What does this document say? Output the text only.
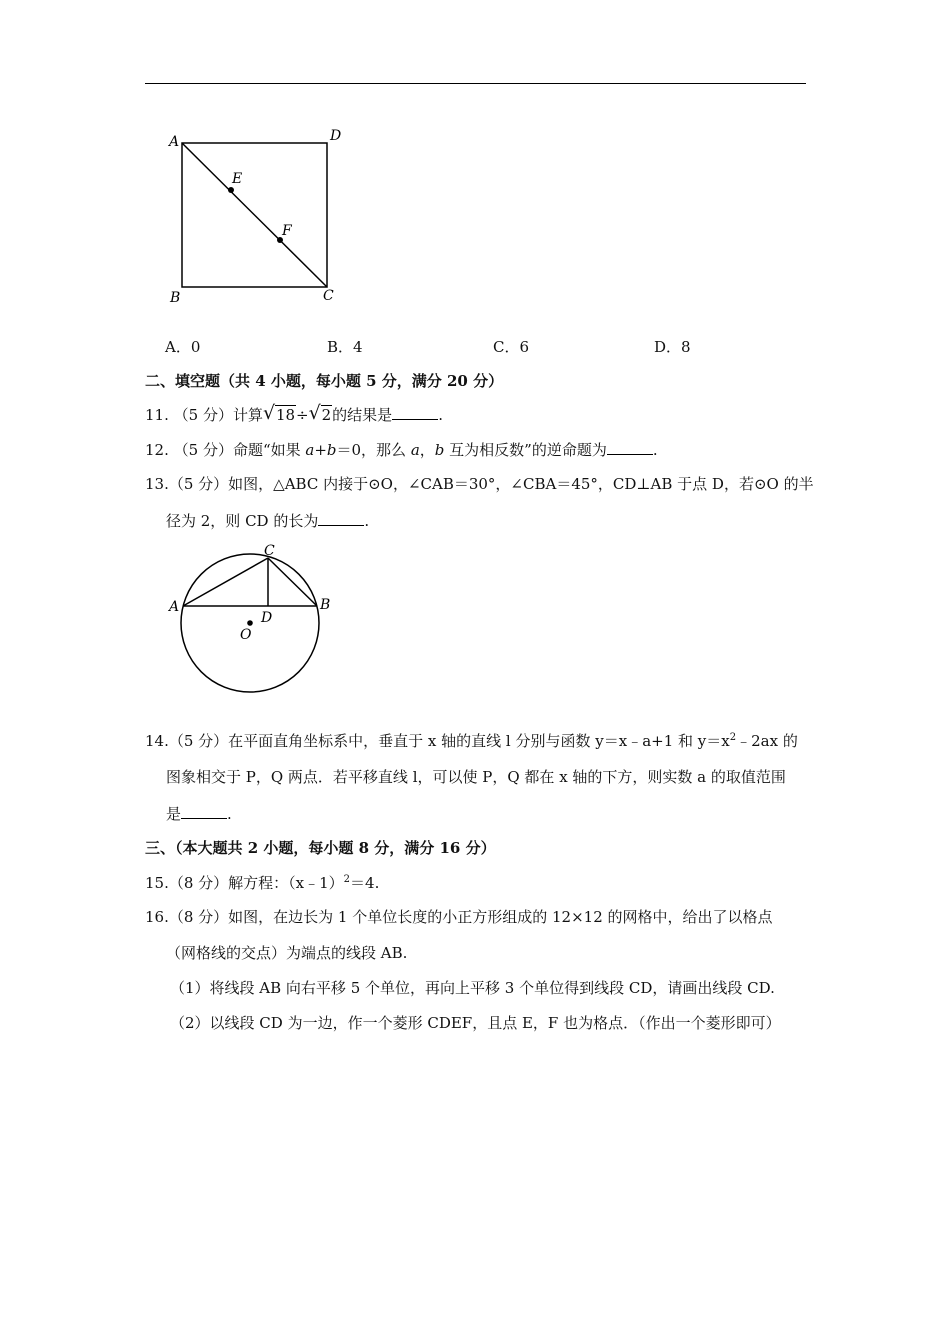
A	D
E
F
B	C
A．0	B．4	C．6	D．8
二、填空题（共 4 小题，每小题 5 分，满分 20 分）
11. （5 分）计算 √ 18÷ √ 2的结果是	.
12. （5 分）命题“如果 a+b＝0，那么 a，b 互为相反数”的逆命题为	.
13.（5 分）如图，△ABC 内接于⊙O，∠CAB＝30°，∠CBA＝45°，CD⊥AB 于点 D，若⊙O 的半
径为 2，则 CD 的长为	.
C
A	B
D
O
14.（5 分）在平面直角坐标系中，垂直于 x 轴的直线 l 分别与函数 y＝x﹣a+1 和 $y=x^2﹣2ax$ 的
图象相交于 P，Q 两点．若平移直线 l，可以使 P，Q 都在 x 轴的下方，则实数 a 的取值范围
是	.
三、（本大题共 2 小题，每小题 8 分，满分 16 分）
15.（8 分）解方程：（x﹣1）$^2$＝4.
16.（8 分）如图，在边长为 1 个单位长度的小正方形组成的 12×12 的网格中，给出了以格点
（网格线的交点）为端点的线段 AB.
（1）将线段 AB 向右平移 5 个单位，再向上平移 3 个单位得到线段 CD，请画出线段 CD.
（2）以线段 CD 为一边，作一个菱形 CDEF，且点 E，F 也为格点．（作出一个菱形即可）
